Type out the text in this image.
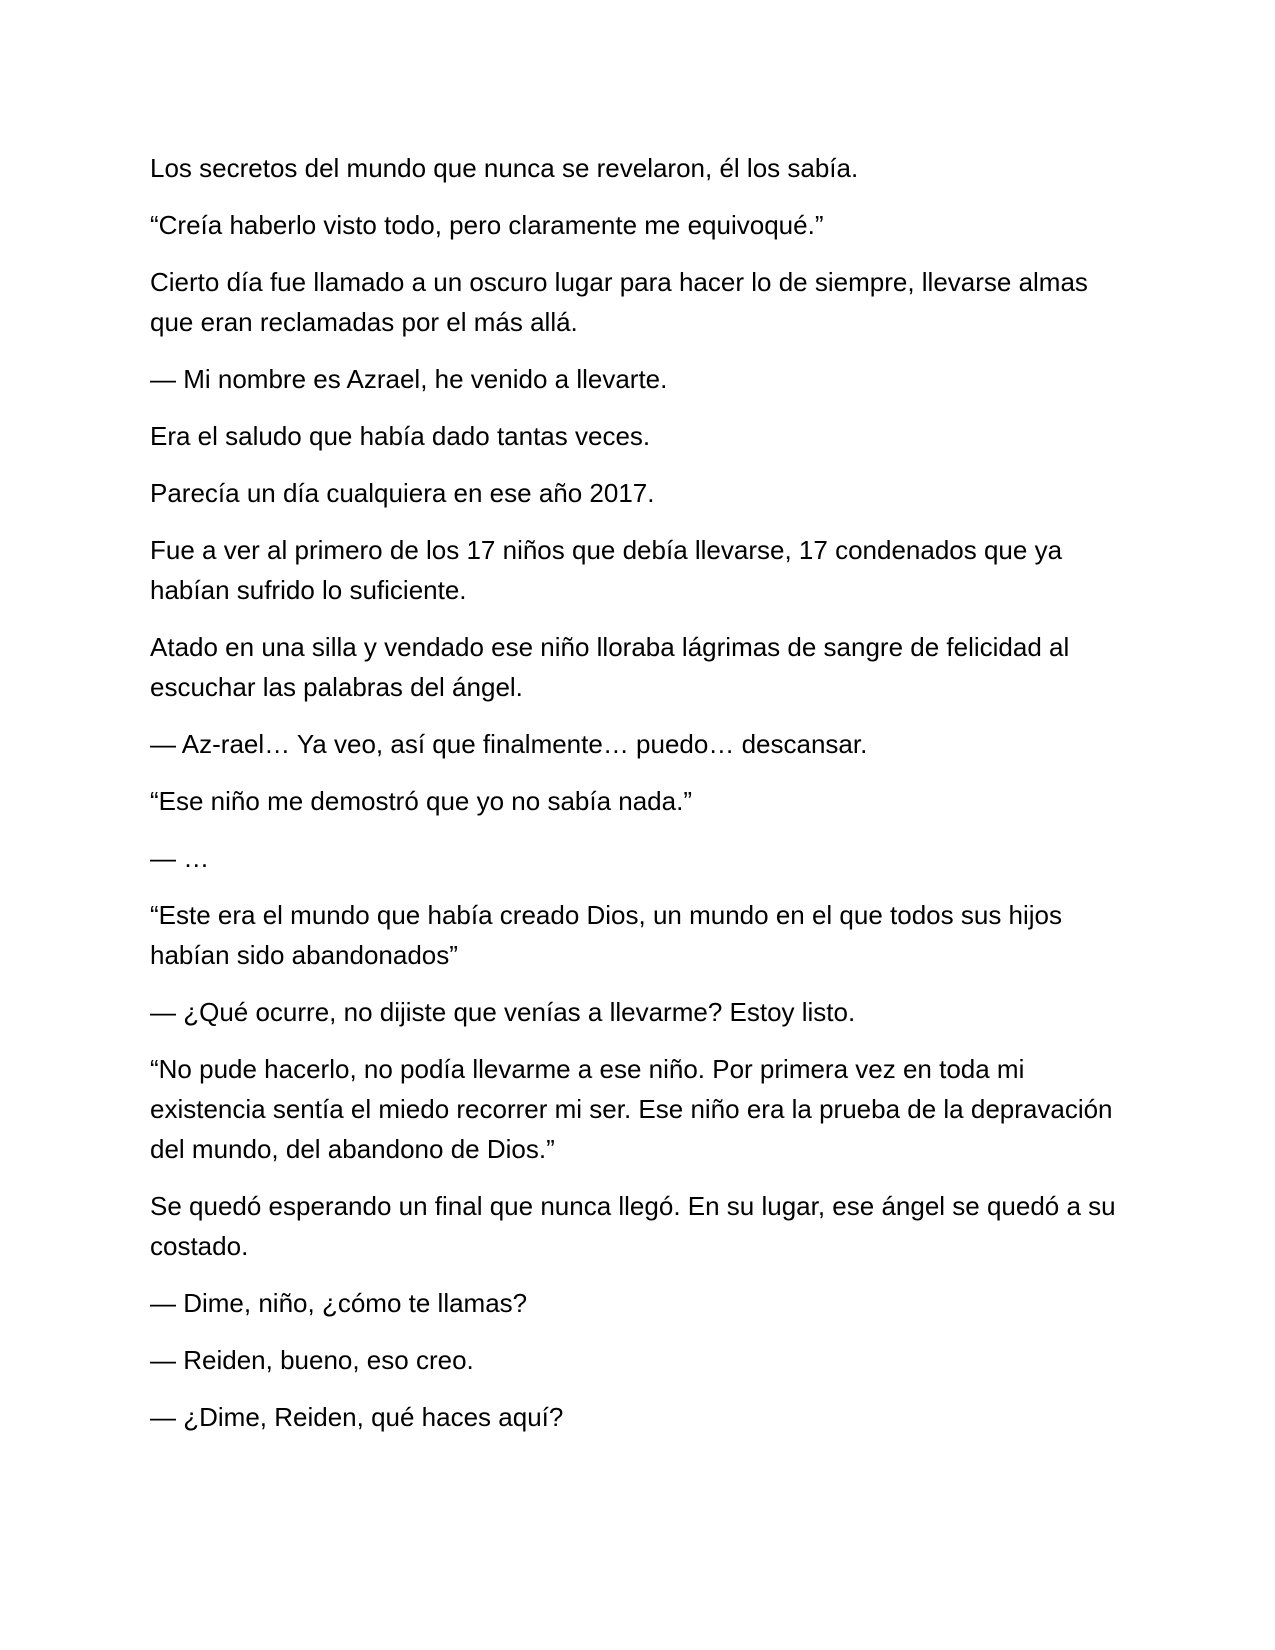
Los secretos del mundo que nunca se revelaron, él los sabía.

“Creía haberlo visto todo, pero claramente me equivoqué.”

Cierto día fue llamado a un oscuro lugar para hacer lo de siempre, llevarse almas que eran reclamadas por el más allá.

— Mi nombre es Azrael, he venido a llevarte.

Era el saludo que había dado tantas veces.

Parecía un día cualquiera en ese año 2017.

Fue a ver al primero de los 17 niños que debía llevarse, 17 condenados que ya habían sufrido lo suficiente.

Atado en una silla y vendado ese niño lloraba lágrimas de sangre de felicidad al escuchar las palabras del ángel.

— Az-rael… Ya veo, así que finalmente… puedo… descansar.

“Ese niño me demostró que yo no sabía nada.”

— …

“Este era el mundo que había creado Dios, un mundo en el que todos sus hijos habían sido abandonados”

— ¿Qué ocurre, no dijiste que venías a llevarme? Estoy listo.

“No pude hacerlo, no podía llevarme a ese niño. Por primera vez en toda mi existencia sentía el miedo recorrer mi ser. Ese niño era la prueba de la depravación del mundo, del abandono de Dios.”

Se quedó esperando un final que nunca llegó. En su lugar, ese ángel se quedó a su costado.

— Dime, niño, ¿cómo te llamas?

— Reiden, bueno, eso creo.

— ¿Dime, Reiden, qué haces aquí?
